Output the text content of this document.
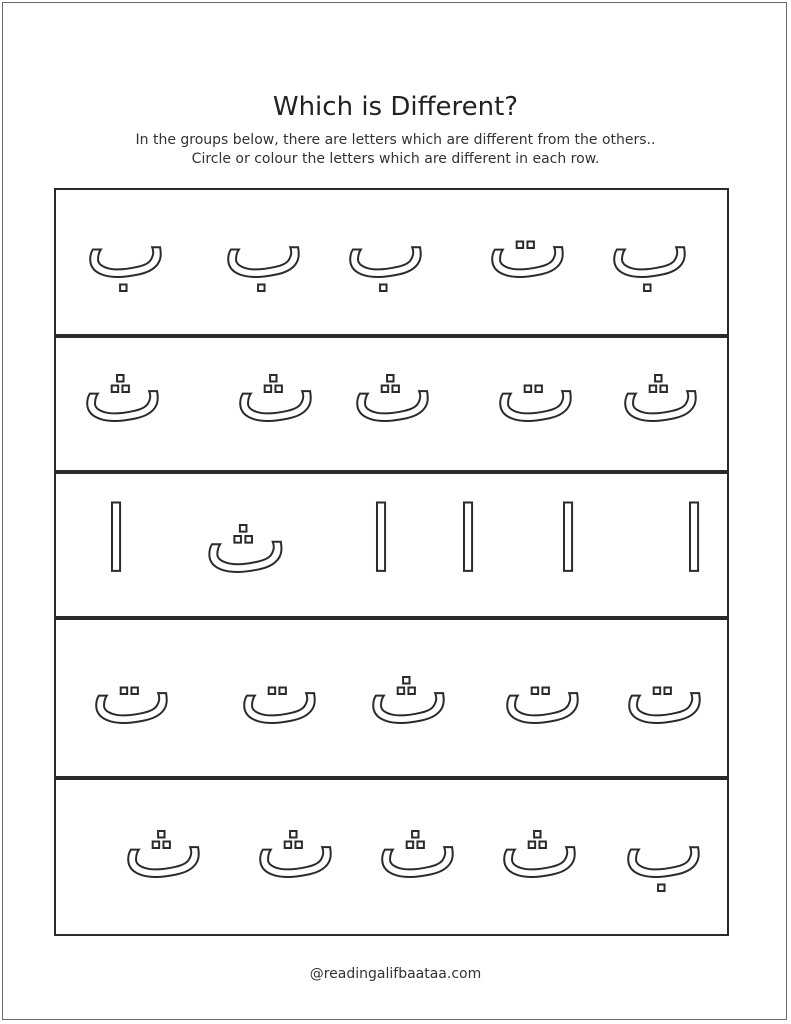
Which is Different?
In the groups below, there are letters which are different from the others..
Circle or colour the letters which are different in each row.
ب ب ب ت ب
ث ث ث ت ث
ا ث ا ا ا ا
ت ت ث ت ت
ث ث ث ث ب
@readingalifbaataa.com
